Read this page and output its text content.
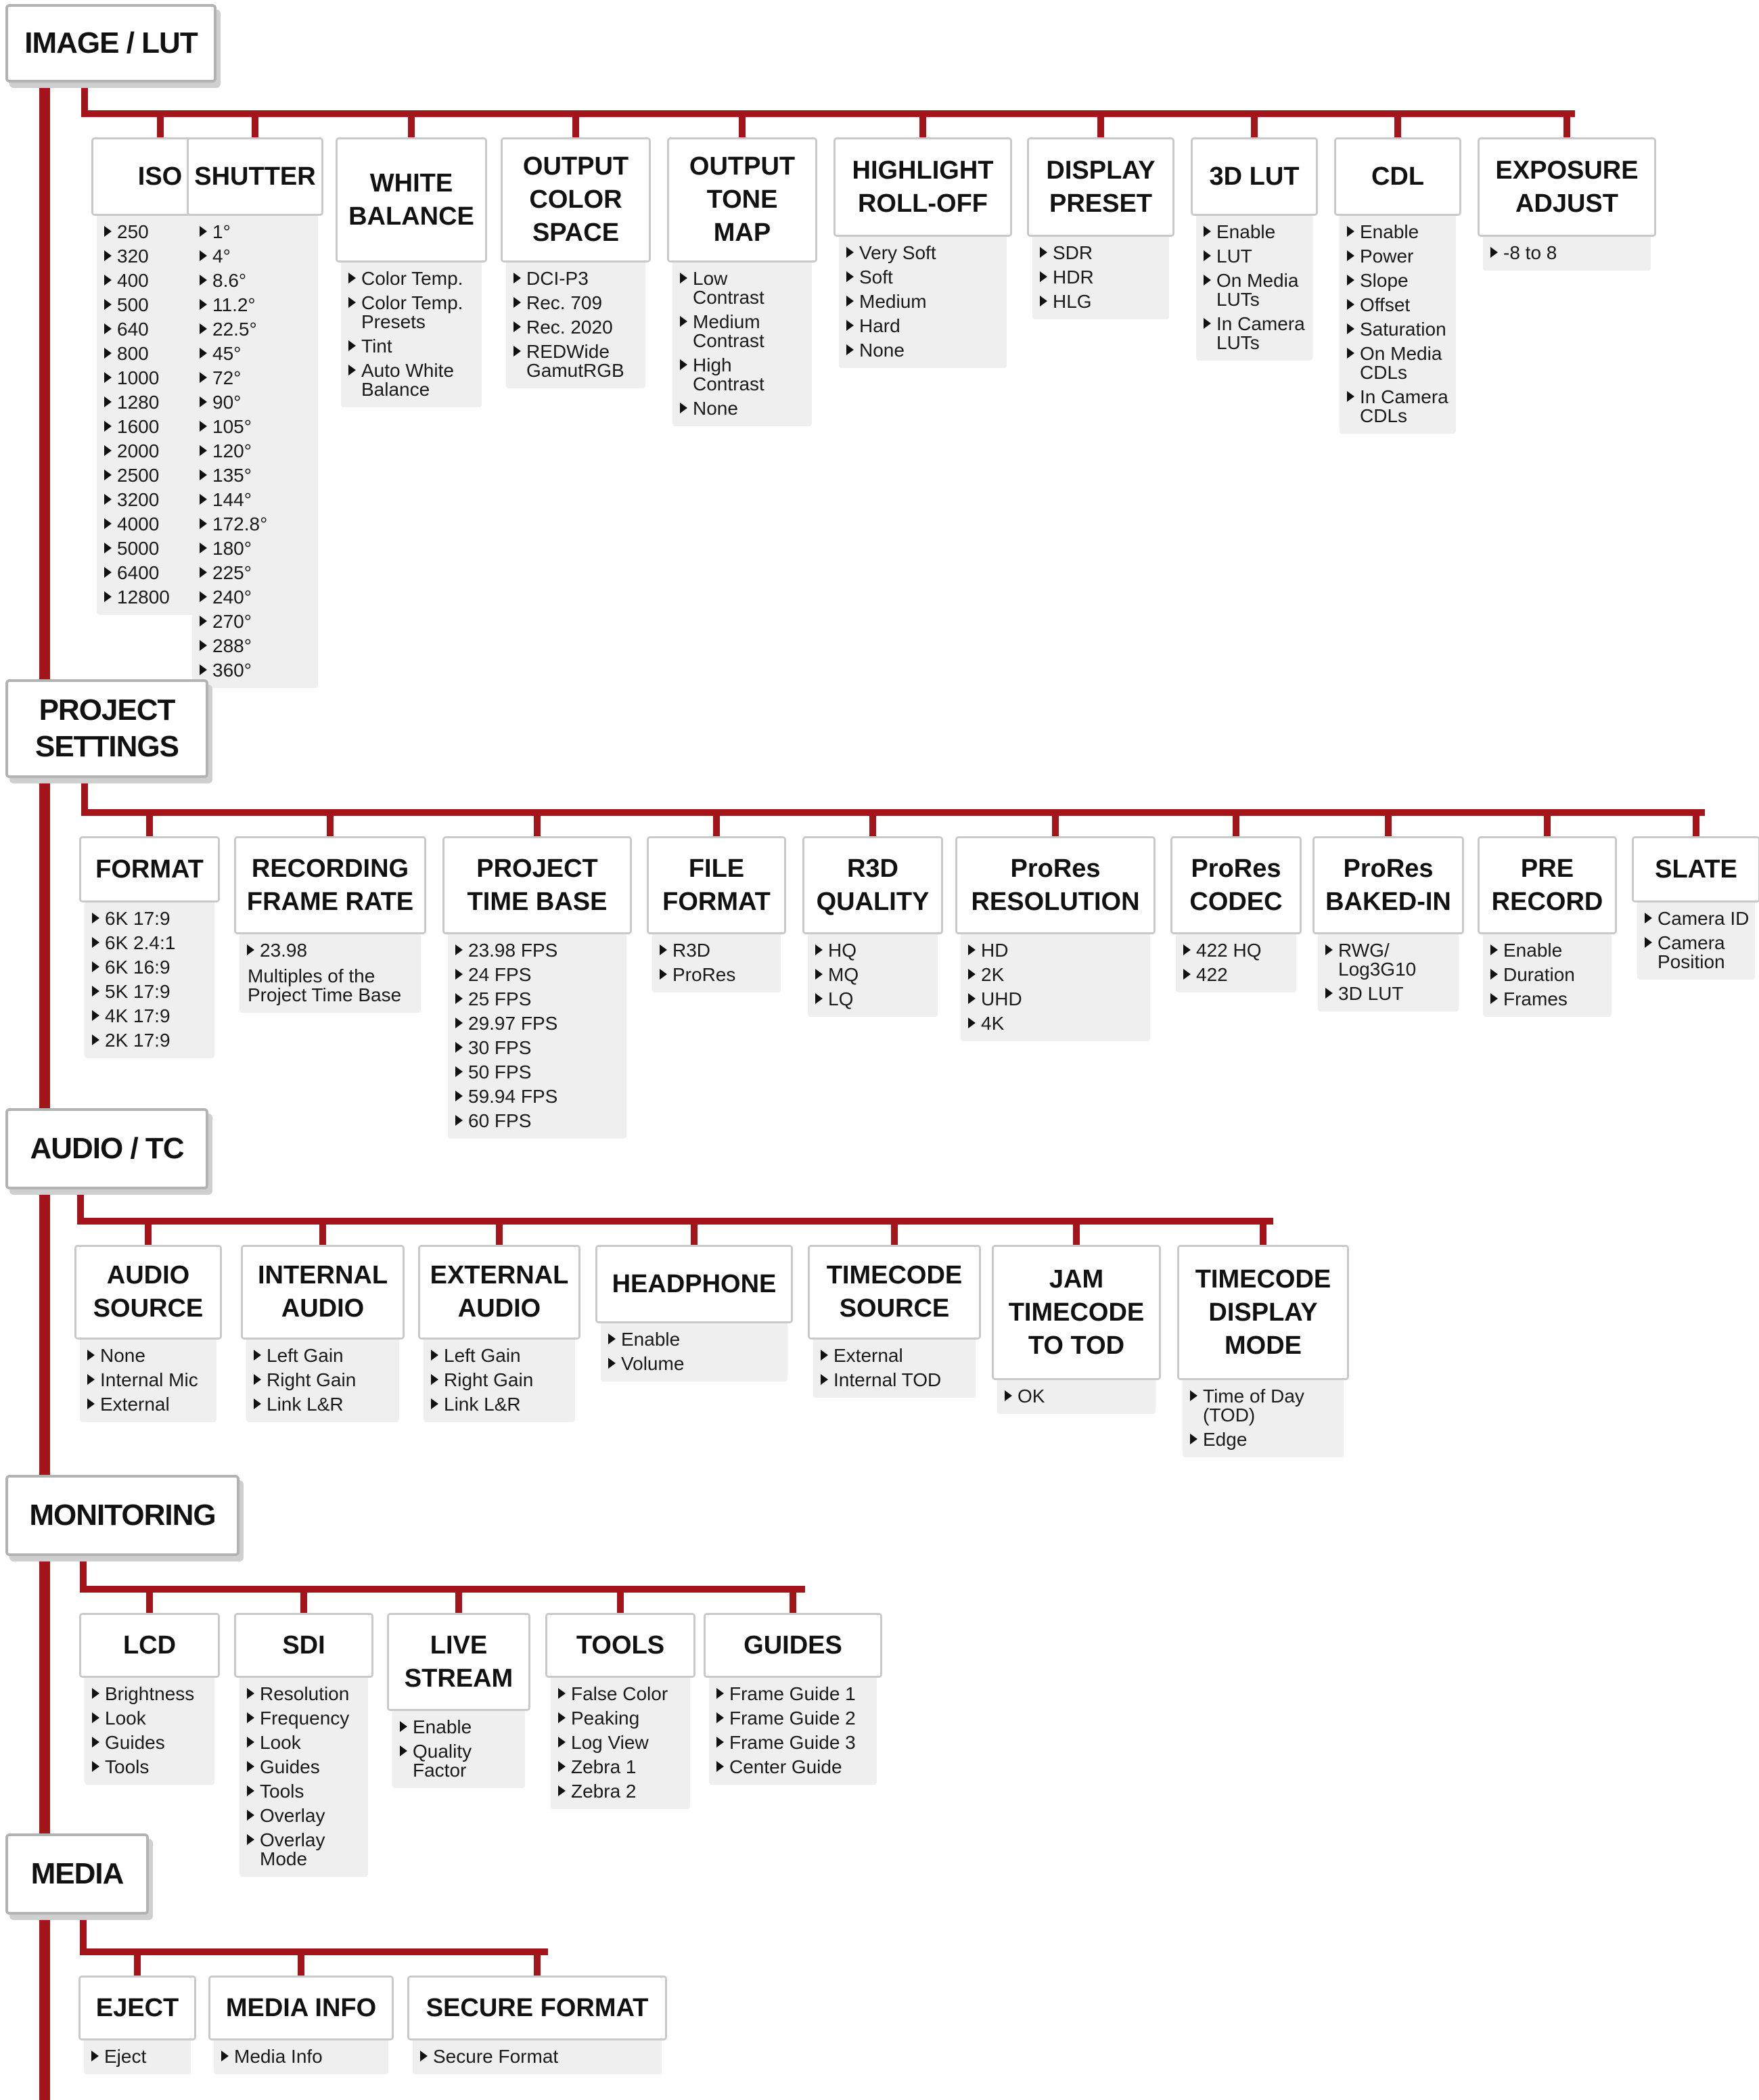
IMAGE / LUT
ISO
250
320
400
500
640
800
1000
1280
1600
2000
2500
3200
4000
5000
6400
12800
SHUTTER
1°
4°
8.6°
11.2°
22.5°
45°
72°
90°
105°
120°
135°
144°
172.8°
180°
225°
240°
270°
288°
360°
WHITE
BALANCE
Color Temp.
Color Temp.
Presets
Tint
Auto White
Balance
OUTPUT
COLOR
SPACE
DCI-P3
Rec. 709
Rec. 2020
REDWide
GamutRGB
OUTPUT
TONE
MAP
Low
Contrast
Medium
Contrast
High
Contrast
None
HIGHLIGHT
ROLL-OFF
Very Soft
Soft
Medium
Hard
None
DISPLAY
PRESET
SDR
HDR
HLG
3D LUT
Enable
LUT
On Media
LUTs
In Camera
LUTs
CDL
Enable
Power
Slope
Offset
Saturation
On Media
CDLs
In Camera
CDLs
EXPOSURE
ADJUST
-8 to 8
PROJECT
SETTINGS
FORMAT
6K 17:9
6K 2.4:1
6K 16:9
5K 17:9
4K 17:9
2K 17:9
RECORDING
FRAME RATE
23.98
Multiples of the
Project Time Base
PROJECT
TIME BASE
23.98 FPS
24 FPS
25 FPS
29.97 FPS
30 FPS
50 FPS
59.94 FPS
60 FPS
FILE
FORMAT
R3D
ProRes
R3D
QUALITY
HQ
MQ
LQ
ProRes
RESOLUTION
HD
2K
UHD
4K
ProRes
CODEC
422 HQ
422
ProRes
BAKED-IN
RWG/
Log3G10
3D LUT
PRE
RECORD
Enable
Duration
Frames
SLATE
Camera ID
Camera
Position
AUDIO / TC
AUDIO
SOURCE
None
Internal Mic
External
INTERNAL
AUDIO
Left Gain
Right Gain
Link L&R
EXTERNAL
AUDIO
Left Gain
Right Gain
Link L&R
HEADPHONE
Enable
Volume
TIMECODE
SOURCE
External
Internal TOD
JAM
TIMECODE
TO TOD
OK
TIMECODE
DISPLAY
MODE
Time of Day
(TOD)
Edge
MONITORING
LCD
Brightness
Look
Guides
Tools
SDI
Resolution
Frequency
Look
Guides
Tools
Overlay
Overlay
Mode
LIVE
STREAM
Enable
Quality
Factor
TOOLS
False Color
Peaking
Log View
Zebra 1
Zebra 2
GUIDES
Frame Guide 1
Frame Guide 2
Frame Guide 3
Center Guide
MEDIA
EJECT
Eject
MEDIA INFO
Media Info
SECURE FORMAT
Secure Format
